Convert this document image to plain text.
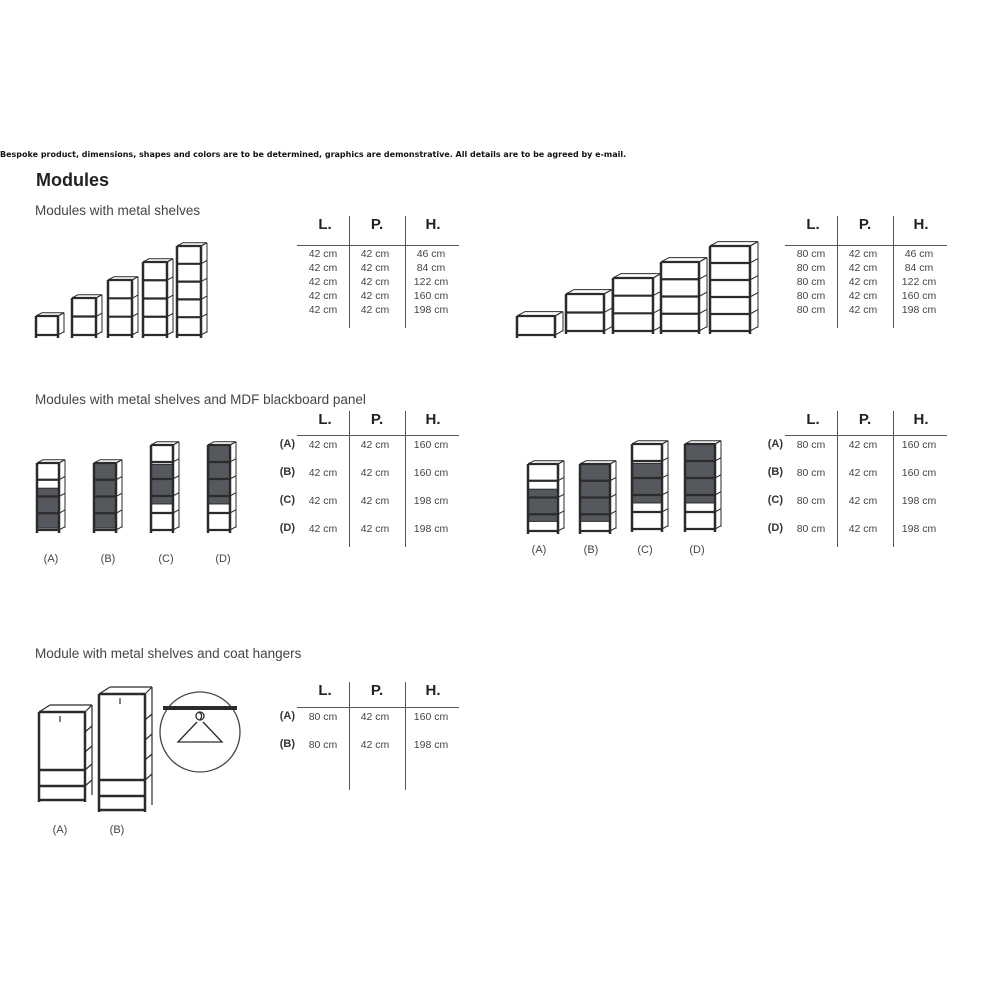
Bespoke product, dimensions, shapes and colors are to be determined, graphics are demonstrative. All details are to be agreed by e-mail.
Modules
Modules with metal shelves
Modules with metal shelves and MDF blackboard panel
Module with metal shelves and coat hangers
(A)	(B)	(C)	(D)
(A)	(B)	(C)	(D)
(A)	(B)
L.	P.	H.
42 cm	42 cm	46 cm
42 cm	42 cm	84 cm
42 cm	42 cm	122 cm
42 cm	42 cm	160 cm
42 cm	42 cm	198 cm
L.	P.	H.
80 cm	42 cm	46 cm
80 cm	42 cm	84 cm
80 cm	42 cm	122 cm
80 cm	42 cm	160 cm
80 cm	42 cm	198 cm
L.	P.	H.
(A)	42 cm	42 cm	160 cm
(B)	42 cm	42 cm	160 cm
(C)	42 cm	42 cm	198 cm
(D)	42 cm	42 cm	198 cm
L.	P.	H.
(A)	80 cm	42 cm	160 cm
(B)	80 cm	42 cm	160 cm
(C)	80 cm	42 cm	198 cm
(D)	80 cm	42 cm	198 cm
L.	P.	H.
(A)	80 cm	42 cm	160 cm
(B)	80 cm	42 cm	198 cm
